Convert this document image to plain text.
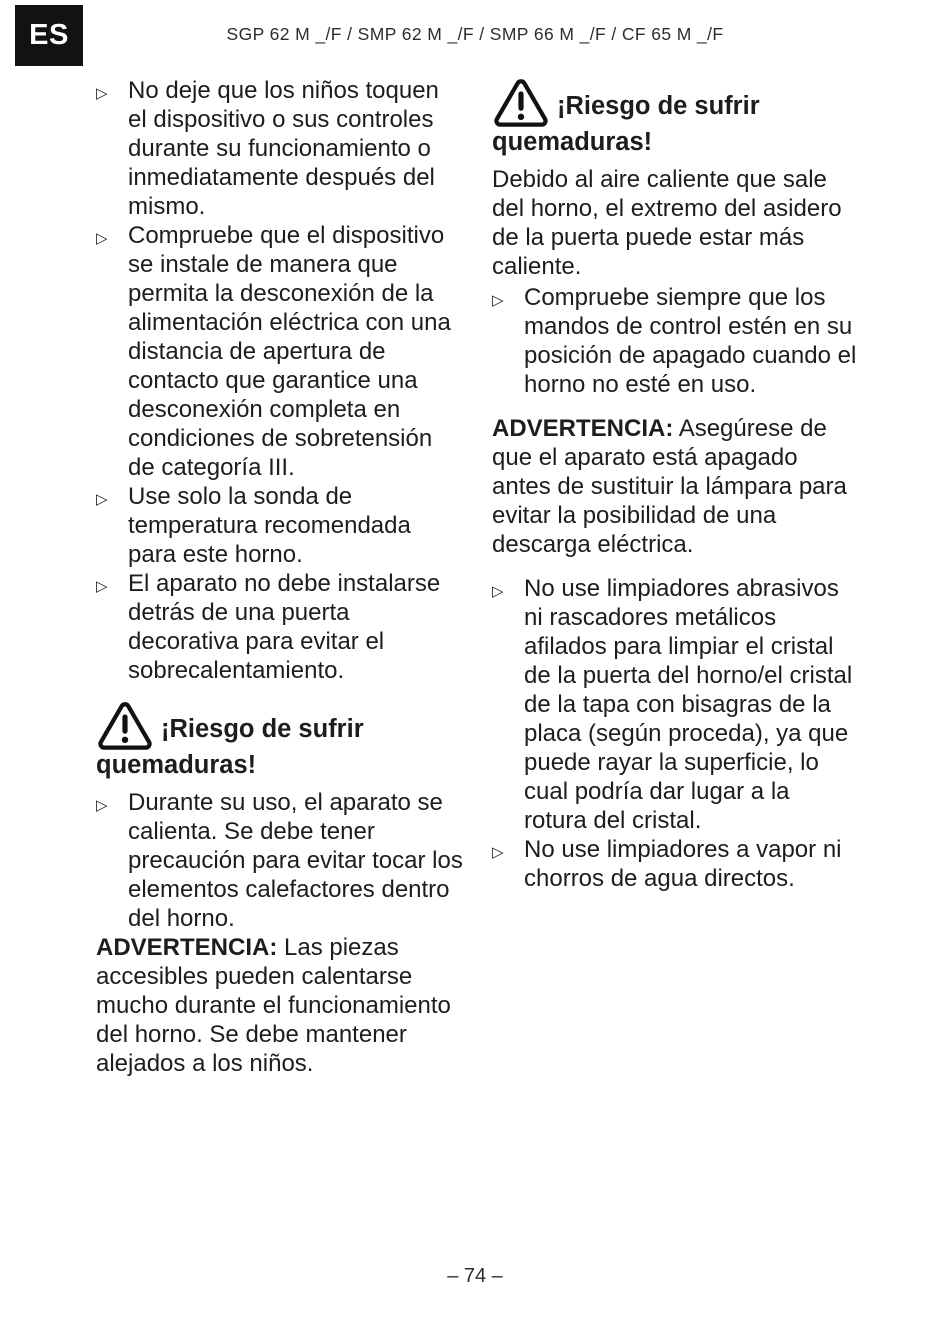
ES	SGP 62 M _/F / SMP 62 M _/F / SMP 66 M _/F / CF 65 M _/F
▷ No deje que los niños toquen el dispositivo o sus controles durante su funcionamiento o inmediatamente después del mismo.
▷ Compruebe que el dispositivo se instale de manera que permita la desconexión de la alimentación eléctrica con una distancia de apertura de contacto que garantice una desconexión completa en condiciones de sobretensión de categoría III.
▷ Use solo la sonda de temperatura recomendada para este horno.
▷ El aparato no debe instalarse detrás de una puerta decorativa para evitar el sobrecalentamiento.
¡Riesgo de sufrir quemaduras!
▷ Durante su uso, el aparato se calienta. Se debe tener precaución para evitar tocar los elementos calefactores dentro del horno.

ADVERTENCIA: Las piezas accesibles pueden calentarse mucho durante el funcionamiento del horno. Se debe mantener alejados a los niños.

¡Riesgo de sufrir quemaduras!

Debido al aire caliente que sale del horno, el extremo del asidero de la puerta puede estar más caliente.

▷ Compruebe siempre que los mandos de control estén en su posición de apagado cuando el horno no esté en uso.

ADVERTENCIA: Asegúrese de que el aparato está apagado antes de sustituir la lámpara para evitar la posibilidad de una descarga eléctrica.

▷ No use limpiadores abrasivos ni rascadores metálicos afilados para limpiar el cristal de la puerta del horno/el cristal de la tapa con bisagras de la placa (según proceda), ya que puede rayar la superficie, lo cual podría dar lugar a la rotura del cristal.
▷ No use limpiadores a vapor ni chorros de agua directos.
– 74 –
